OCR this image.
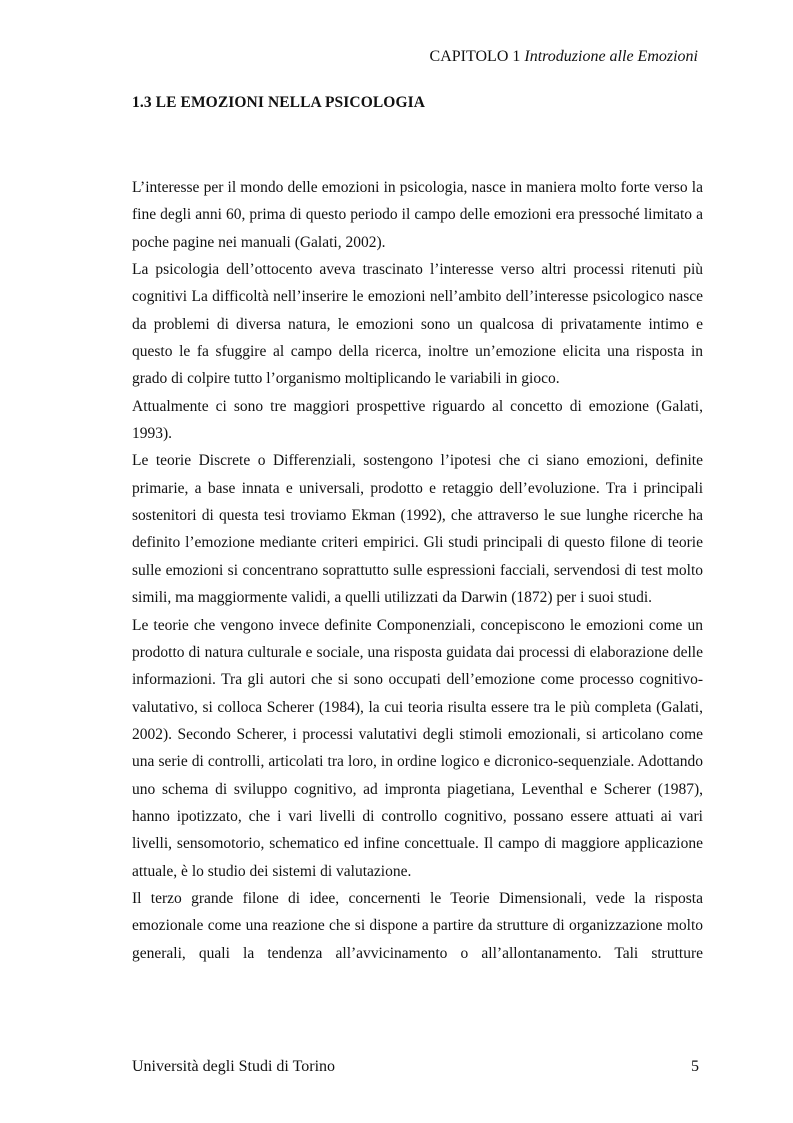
CAPITOLO 1 Introduzione alle Emozioni
1.3 LE EMOZIONI NELLA PSICOLOGIA

L’interesse per il mondo delle emozioni in psicologia, nasce in maniera molto forte verso la fine degli anni 60, prima di questo periodo il campo delle emozioni era pressoché limitato a poche pagine nei manuali (Galati, 2002).

La psicologia dell’ottocento aveva trascinato l’interesse verso altri processi ritenuti più cognitivi La difficoltà nell’inserire le emozioni nell’ambito dell’interesse psicologico nasce da problemi di diversa natura, le emozioni sono un qualcosa di privatamente intimo e questo le fa sfuggire al campo della ricerca, inoltre un’emozione elicita una risposta in grado di colpire tutto l’organismo moltiplicando le variabili in gioco.

Attualmente ci sono tre maggiori prospettive riguardo al concetto di emozione (Galati, 1993).

Le teorie Discrete o Differenziali, sostengono l’ipotesi che ci siano emozioni, definite primarie, a base innata e universali, prodotto e retaggio dell’evoluzione. Tra i principali sostenitori di questa tesi troviamo Ekman (1992), che attraverso le sue lunghe ricerche ha definito l’emozione mediante criteri empirici. Gli studi principali di questo filone di teorie sulle emozioni si concentrano soprattutto sulle espressioni facciali, servendosi di test molto simili, ma maggiormente validi, a quelli utilizzati da Darwin (1872) per i suoi studi.

Le teorie che vengono invece definite Componenziali, concepiscono le emozioni come un prodotto di natura culturale e sociale, una risposta guidata dai processi di elaborazione delle informazioni. Tra gli autori che si sono occupati dell’emozione come processo cognitivo-valutativo, si colloca Scherer (1984), la cui teoria risulta essere tra le più completa (Galati, 2002). Secondo Scherer, i processi valutativi degli stimoli emozionali, si articolano come una serie di controlli, articolati tra loro, in ordine logico e dicronico-sequenziale. Adottando uno schema di sviluppo cognitivo, ad impronta piagetiana, Leventhal e Scherer (1987), hanno ipotizzato, che i vari livelli di controllo cognitivo, possano essere attuati ai vari livelli, sensomotorio, schematico ed infine concettuale. Il campo di maggiore applicazione attuale, è lo studio dei sistemi di valutazione.

Il terzo grande filone di idee, concernenti le Teorie Dimensionali, vede la risposta emozionale come una reazione che si dispone a partire da strutture di organizzazione molto generali, quali la tendenza all’avvicinamento o all’allontanamento. Tali strutture

Università degli Studi di Torino	5
